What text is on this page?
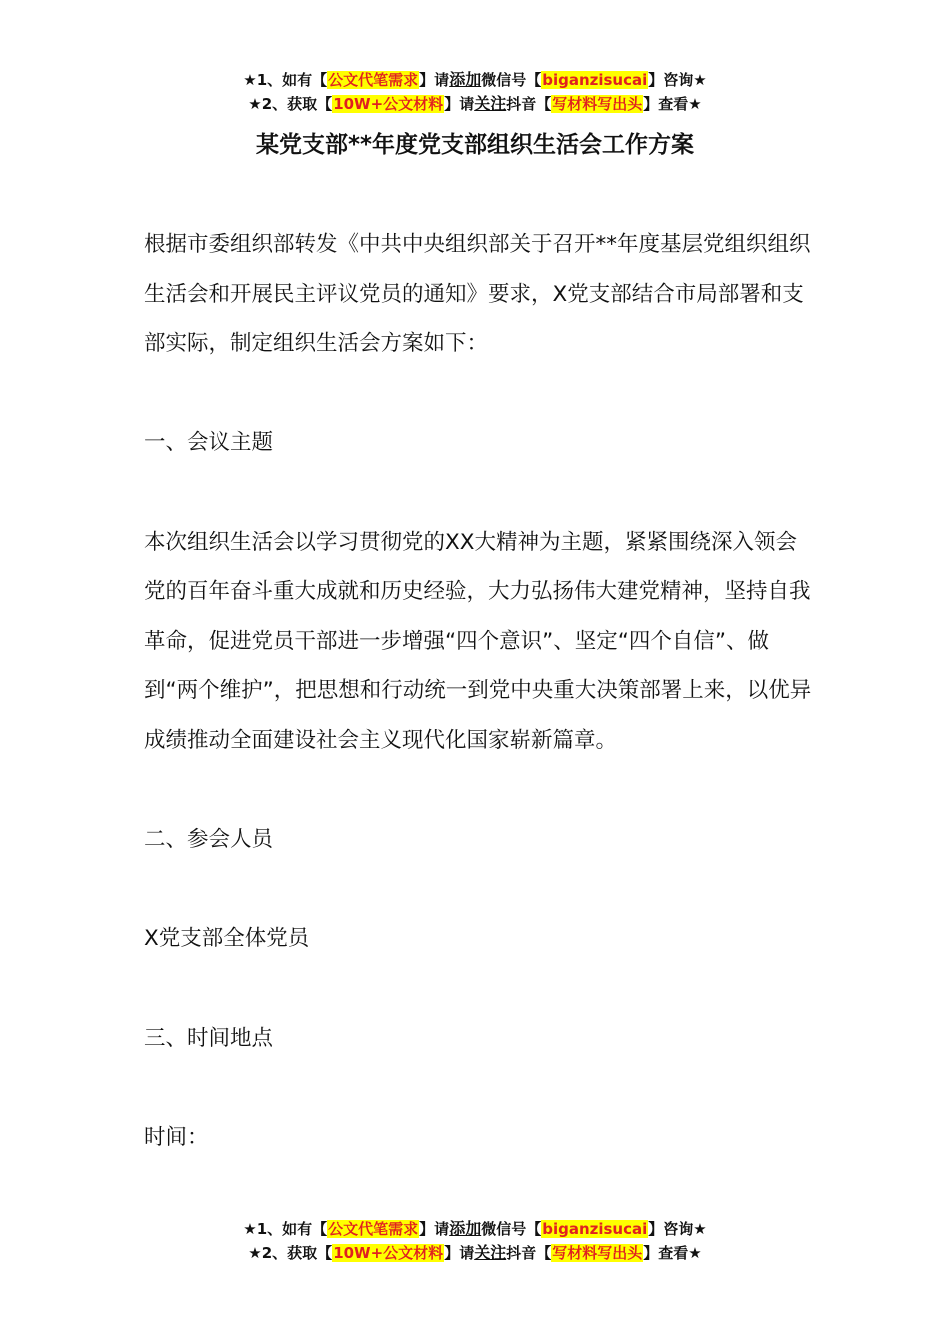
★1、如有【公文代笔需求】请添加微信号【biganzisucai】咨询★
★2、获取【10W+公文材料】请关注抖音【写材料写出头】查看★
某党支部**年度党支部组织生活会工作方案

根据市委组织部转发《中共中央组织部关于召开**年度基层党组织组织生活会和开展民主评议党员的通知》要求，X党支部结合市局部署和支部实际，制定组织生活会方案如下：

一、会议主题

本次组织生活会以学习贯彻党的XX大精神为主题，紧紧围绕深入领会党的百年奋斗重大成就和历史经验，大力弘扬伟大建党精神，坚持自我革命，促进党员干部进一步增强“四个意识”、坚定“四个自信”、做到“两个维护”，把思想和行动统一到党中央重大决策部署上来，以优异成绩推动全面建设社会主义现代化国家崭新篇章。

二、参会人员

X党支部全体党员

三、时间地点

时间：

★1、如有【公文代笔需求】请添加微信号【biganzisucai】咨询★
★2、获取【10W+公文材料】请关注抖音【写材料写出头】查看★
